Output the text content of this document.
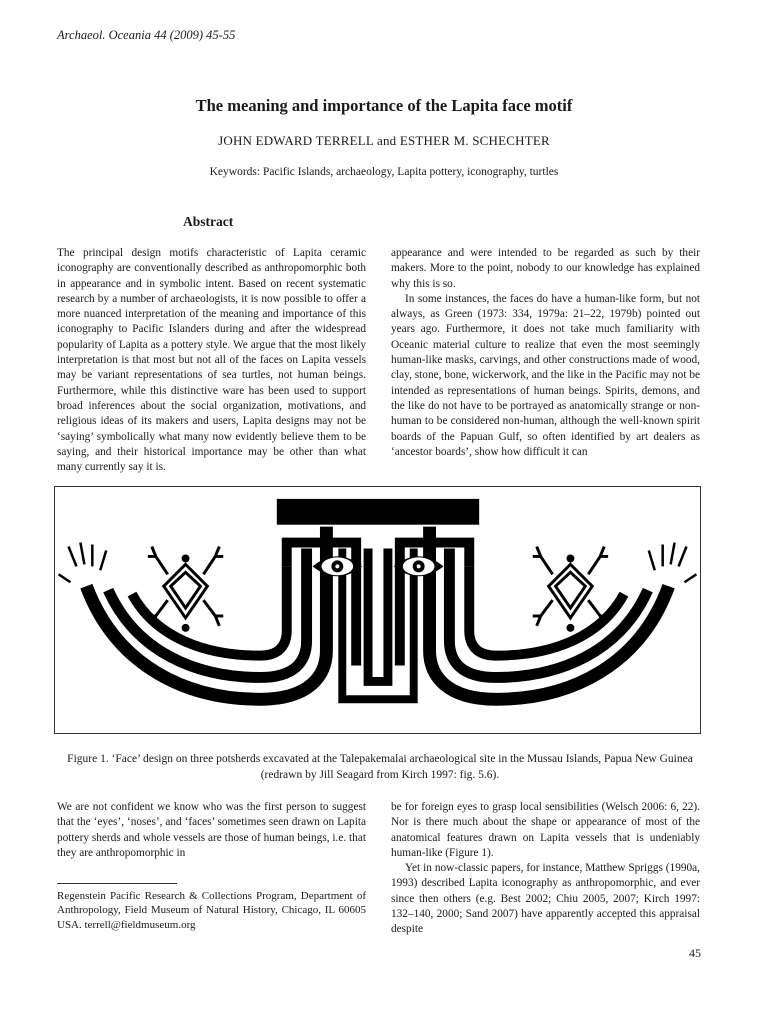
Archaeol. Oceania 44 (2009) 45-55
The meaning and importance of the Lapita face motif
JOHN EDWARD TERRELL and ESTHER M. SCHECHTER
Keywords: Pacific Islands, archaeology, Lapita pottery, iconography, turtles
Abstract

The principal design motifs characteristic of Lapita ceramic iconography are conventionally described as anthropomorphic both in appearance and in symbolic intent. Based on recent systematic research by a number of archaeologists, it is now possible to offer a more nuanced interpretation of the meaning and importance of this iconography to Pacific Islanders during and after the widespread popularity of Lapita as a pottery style. We argue that the most likely interpretation is that most but not all of the faces on Lapita vessels may be variant representations of sea turtles, not human beings. Furthermore, while this distinctive ware has been used to support broad inferences about the social organization, motivations, and religious ideas of its makers and users, Lapita designs may not be ‘saying’ symbolically what many now evidently believe them to be saying, and their historical importance may be other than what many currently say it is.

appearance and were intended to be regarded as such by their makers. More to the point, nobody to our knowledge has explained why this is so.

In some instances, the faces do have a human-like form, but not always, as Green (1973: 334, 1979a: 21–22, 1979b) pointed out years ago. Furthermore, it does not take much familiarity with Oceanic material culture to realize that even the most seemingly human-like masks, carvings, and other constructions made of wood, clay, stone, bone, wickerwork, and the like in the Pacific may not be intended as representations of human beings. Spirits, demons, and the like do not have to be portrayed as anatomically strange or non-human to be considered non-human, although the well-known spirit boards of the Papuan Gulf, so often identified by art dealers as ‘ancestor boards’, show how difficult it can

Figure 1. ‘Face’ design on three potsherds excavated at the Talepakemalai archaeological site in the Mussau Islands, Papua New Guinea (redrawn by Jill Seagard from Kirch 1997: fig. 5.6).

We are not confident we know who was the first person to suggest that the ‘eyes’, ‘noses’, and ‘faces’ sometimes seen drawn on Lapita pottery sherds and whole vessels are those of human beings, i.e. that they are anthropomorphic in

Regenstein Pacific Research & Collections Program, Department of Anthropology, Field Museum of Natural History, Chicago, IL 60605 USA. terrell@fieldmuseum.org

be for foreign eyes to grasp local sensibilities (Welsch 2006: 6, 22). Nor is there much about the shape or appearance of most of the anatomical features drawn on Lapita vessels that is undeniably human-like (Figure 1).

Yet in now-classic papers, for instance, Matthew Spriggs (1990a, 1993) described Lapita iconography as anthropomorphic, and ever since then others (e.g. Best 2002; Chiu 2005, 2007; Kirch 1997: 132–140, 2000; Sand 2007) have apparently accepted this appraisal despite

45
